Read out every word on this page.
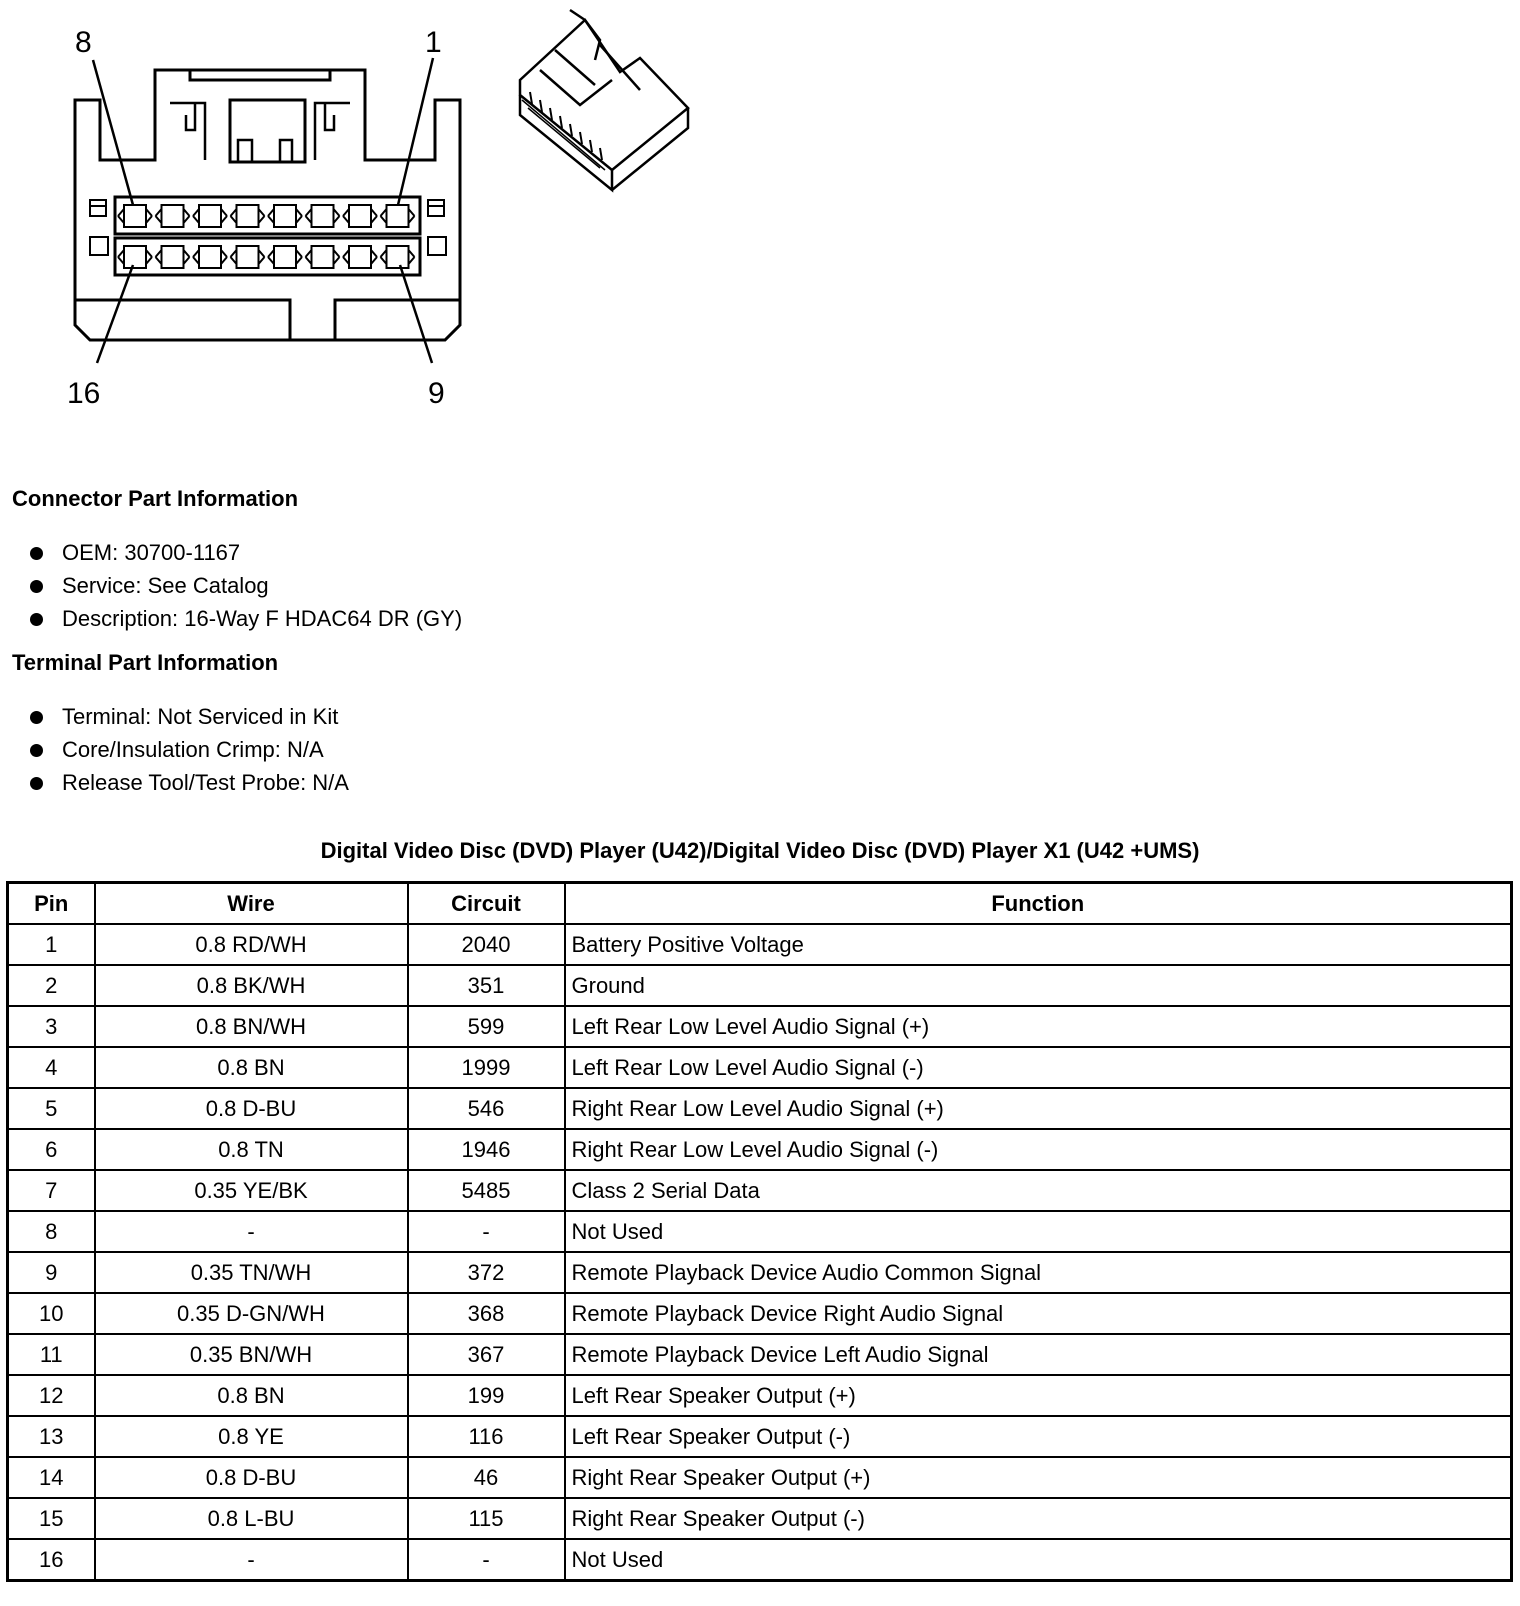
8	1
16	9
Connector Part Information
OEM: 30700-1167
Service: See Catalog
Description: 16-Way F HDAC64 DR (GY)
Terminal Part Information
Terminal: Not Serviced in Kit
Core/Insulation Crimp: N/A
Release Tool/Test Probe: N/A
Digital Video Disc (DVD) Player (U42)/Digital Video Disc (DVD) Player X1 (U42 +UMS)
Pin	Wire	Circuit	Function
1	0.8 RD/WH	2040	Battery Positive Voltage
2	0.8 BK/WH	351	Ground
3	0.8 BN/WH	599	Left Rear Low Level Audio Signal (+)
4	0.8 BN	1999	Left Rear Low Level Audio Signal (-)
5	0.8 D-BU	546	Right Rear Low Level Audio Signal (+)
6	0.8 TN	1946	Right Rear Low Level Audio Signal (-)
7	0.35 YE/BK	5485	Class 2 Serial Data
8	-	-	Not Used
9	0.35 TN/WH	372	Remote Playback Device Audio Common Signal
10	0.35 D-GN/WH	368	Remote Playback Device Right Audio Signal
11	0.35 BN/WH	367	Remote Playback Device Left Audio Signal
12	0.8 BN	199	Left Rear Speaker Output (+)
13	0.8 YE	116	Left Rear Speaker Output (-)
14	0.8 D-BU	46	Right Rear Speaker Output (+)
15	0.8 L-BU	115	Right Rear Speaker Output (-)
16	-	-	Not Used
